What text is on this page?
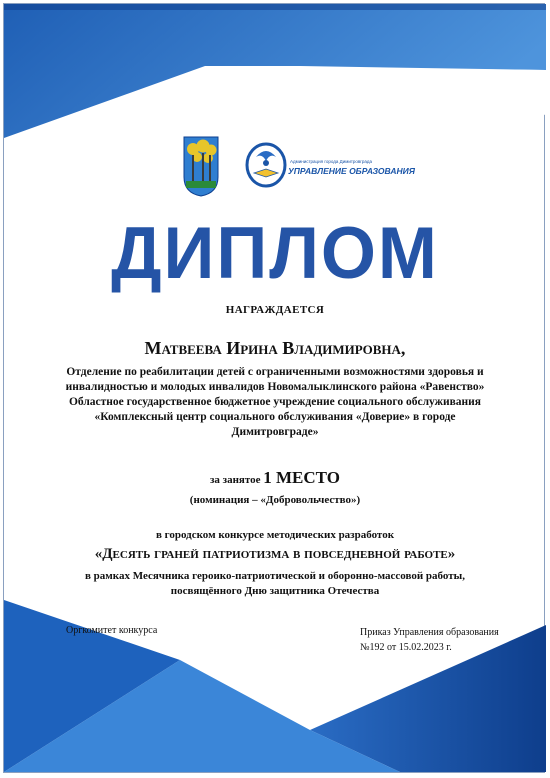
Администрация города Димитровграда
УПРАВЛЕНИЕ ОБРАЗОВАНИЯ
ДИПЛОМ
НАГРАЖДАЕТСЯ
Матвеева Ирина Владимировна,
Отделение по реабилитации детей с ограниченными возможностями здоровья и инвалидностью и молодых инвалидов Новомалыклинского района «Равенство» Областное государственное бюджетное учреждение социального обслуживания «Комплексный центр социального обслуживания «Доверие» в городе Димитровграде»
за занятое 1 МЕСТО
(номинация – «Добровольчество»)
в городском конкурсе методических разработок
«Десять граней патриотизма в повседневной работе»
в рамках Месячника героико-патриотической и оборонно-массовой работы,
посвящённого Дню защитника Отечества
Оргкомитет конкурса	Приказ Управления образования
№192 от 15.02.2023 г.
